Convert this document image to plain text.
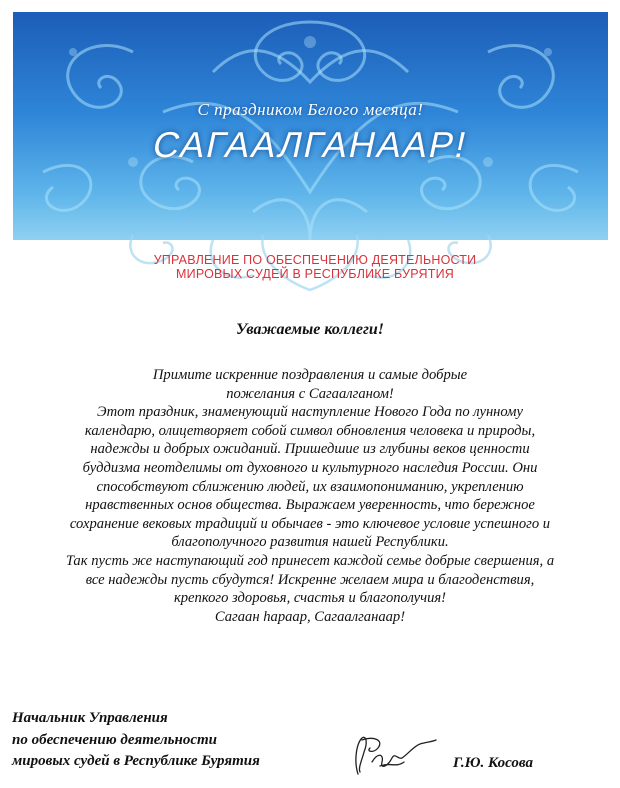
С праздником Белого месяца!
САГААЛГАНААР!
УПРАВЛЕНИЕ ПО ОБЕСПЕЧЕНИЮ ДЕЯТЕЛЬНОСТИ
МИРОВЫХ СУДЕЙ В РЕСПУБЛИКЕ БУРЯТИЯ
Уважаемые коллеги!

Примите искренние поздравления и самые добрые

пожелания с Сагаалганом!

Этот праздник, знаменующий наступление Нового Года по лунному

календарю, олицетворяет собой символ обновления человека и природы,

надежды и добрых ожиданий. Пришедшие из глубины веков ценности

буддизма неотделимы от духовного и культурного наследия России. Они

способствуют сближению людей, их взаимопониманию, укреплению

нравственных основ общества. Выражаем уверенность, что бережное

сохранение вековых традиций и обычаев - это ключевое условие успешного и

благополучного развития нашей Республики.

Так пусть же наступающий год принесет каждой семье добрые свершения, а

все надежды пусть сбудутся! Искренне желаем мира и благоденствия,

крепкого здоровья, счастья и благополучия!

Сагаан hараар, Сагаалганаар!

Начальник Управления
по обеспечению деятельности
мировых судей в Республике Бурятия	Г.Ю. Косова
